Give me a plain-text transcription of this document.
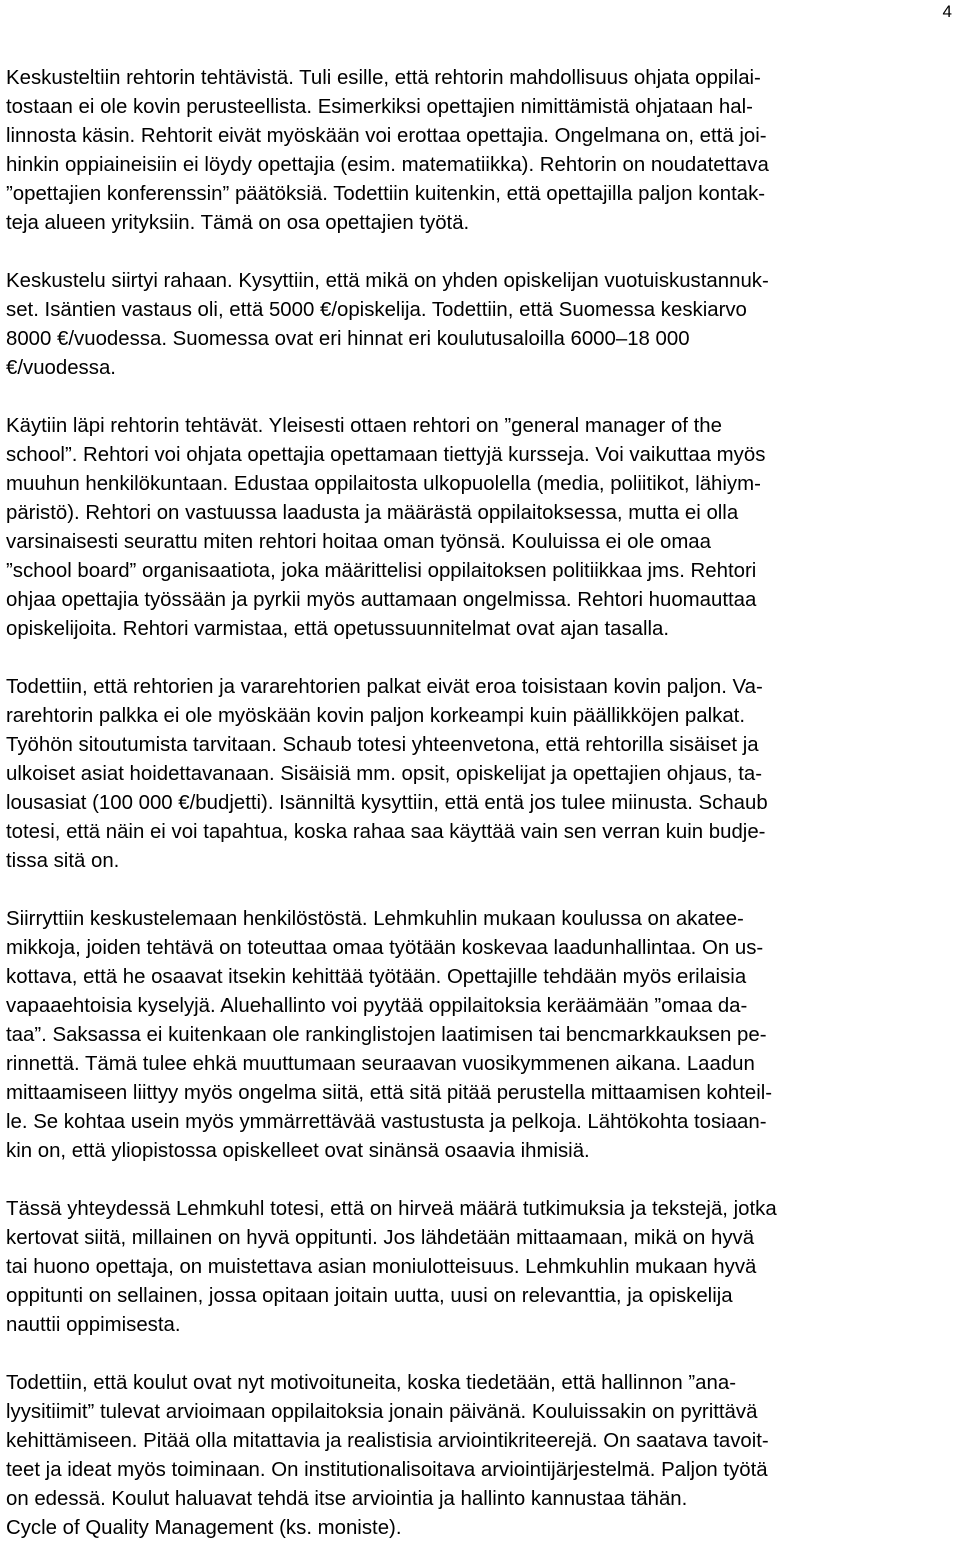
4

Keskusteltiin rehtorin tehtävistä. Tuli esille, että rehtorin mahdollisuus ohjata oppilai-
tostaan ei ole kovin perusteellista. Esimerkiksi opettajien nimittämistä ohjataan hal-
linnosta käsin. Rehtorit eivät myöskään voi erottaa opettajia. Ongelmana on, että joi-
hinkin oppiaineisiin ei löydy opettajia (esim. matematiikka). Rehtorin on noudatettava
”opettajien konferenssin” päätöksiä. Todettiin kuitenkin, että opettajilla paljon kontak-
teja alueen yrityksiin. Tämä on osa opettajien työtä.

Keskustelu siirtyi rahaan. Kysyttiin, että mikä on yhden opiskelijan vuotuiskustannuk-
set. Isäntien vastaus oli, että 5000 €/opiskelija. Todettiin, että Suomessa keskiarvo
8000 €/vuodessa. Suomessa ovat eri hinnat eri koulutusaloilla 6000–18 000
€/vuodessa.

Käytiin läpi rehtorin tehtävät. Yleisesti ottaen rehtori on ”general manager of the
school”. Rehtori voi ohjata opettajia opettamaan tiettyjä kursseja. Voi vaikuttaa myös
muuhun henkilökuntaan. Edustaa oppilaitosta ulkopuolella (media, poliitikot, lähiym-
päristö). Rehtori on vastuussa laadusta ja määrästä oppilaitoksessa, mutta ei olla
varsinaisesti seurattu miten rehtori hoitaa oman työnsä. Kouluissa ei ole omaa
”school board” organisaatiota, joka määrittelisi oppilaitoksen politiikkaa jms. Rehtori
ohjaa opettajia työssään ja pyrkii myös auttamaan ongelmissa. Rehtori huomauttaa
opiskelijoita. Rehtori varmistaa, että opetussuunnitelmat ovat ajan tasalla.

Todettiin, että rehtorien ja vararehtorien palkat eivät eroa toisistaan kovin paljon. Va-
rarehtorin palkka ei ole myöskään kovin paljon korkeampi kuin päällikköjen palkat.
Työhön sitoutumista tarvitaan. Schaub totesi yhteenvetona, että rehtorilla sisäiset ja
ulkoiset asiat hoidettavanaan. Sisäisiä mm. opsit, opiskelijat ja opettajien ohjaus, ta-
lousasiat (100 000 €/budjetti). Isänniltä kysyttiin, että entä jos tulee miinusta. Schaub
totesi, että näin ei voi tapahtua, koska rahaa saa käyttää vain sen verran kuin budje-
tissa sitä on.

Siirryttiin keskustelemaan henkilöstöstä. Lehmkuhlin mukaan koulussa on akatee-
mikkoja, joiden tehtävä on toteuttaa omaa työtään koskevaa laadunhallintaa. On us-
kottava, että he osaavat itsekin kehittää työtään. Opettajille tehdään myös erilaisia
vapaaehtoisia kyselyjä. Aluehallinto voi pyytää oppilaitoksia keräämään ”omaa da-
taa”. Saksassa ei kuitenkaan ole rankinglistojen laatimisen tai bencmarkkauksen pe-
rinnettä. Tämä tulee ehkä muuttumaan seuraavan vuosikymmenen aikana. Laadun
mittaamiseen liittyy myös ongelma siitä, että sitä pitää perustella mittaamisen kohteil-
le. Se kohtaa usein myös ymmärrettävää vastustusta ja pelkoja. Lähtökohta tosiaan-
kin on, että yliopistossa opiskelleet ovat sinänsä osaavia ihmisiä.

Tässä yhteydessä Lehmkuhl totesi, että on hirveä määrä tutkimuksia ja tekstejä, jotka
kertovat siitä, millainen on hyvä oppitunti. Jos lähdetään mittaamaan, mikä on hyvä
tai huono opettaja, on muistettava asian moniulotteisuus. Lehmkuhlin mukaan hyvä
oppitunti on sellainen, jossa opitaan joitain uutta, uusi on relevanttia, ja opiskelija
nauttii oppimisesta.

Todettiin, että koulut ovat nyt motivoituneita, koska tiedetään, että hallinnon ”ana-
lyysitiimit” tulevat arvioimaan oppilaitoksia jonain päivänä. Kouluissakin on pyrittävä
kehittämiseen. Pitää olla mitattavia ja realistisia arviointikriteerejä. On saatava tavoit-
teet ja ideat myös toiminaan. On institutionalisoitava arviointijärjestelmä. Paljon työtä
on edessä. Koulut haluavat tehdä itse arviointia ja hallinto kannustaa tähän.
Cycle of Quality Management (ks. moniste).
